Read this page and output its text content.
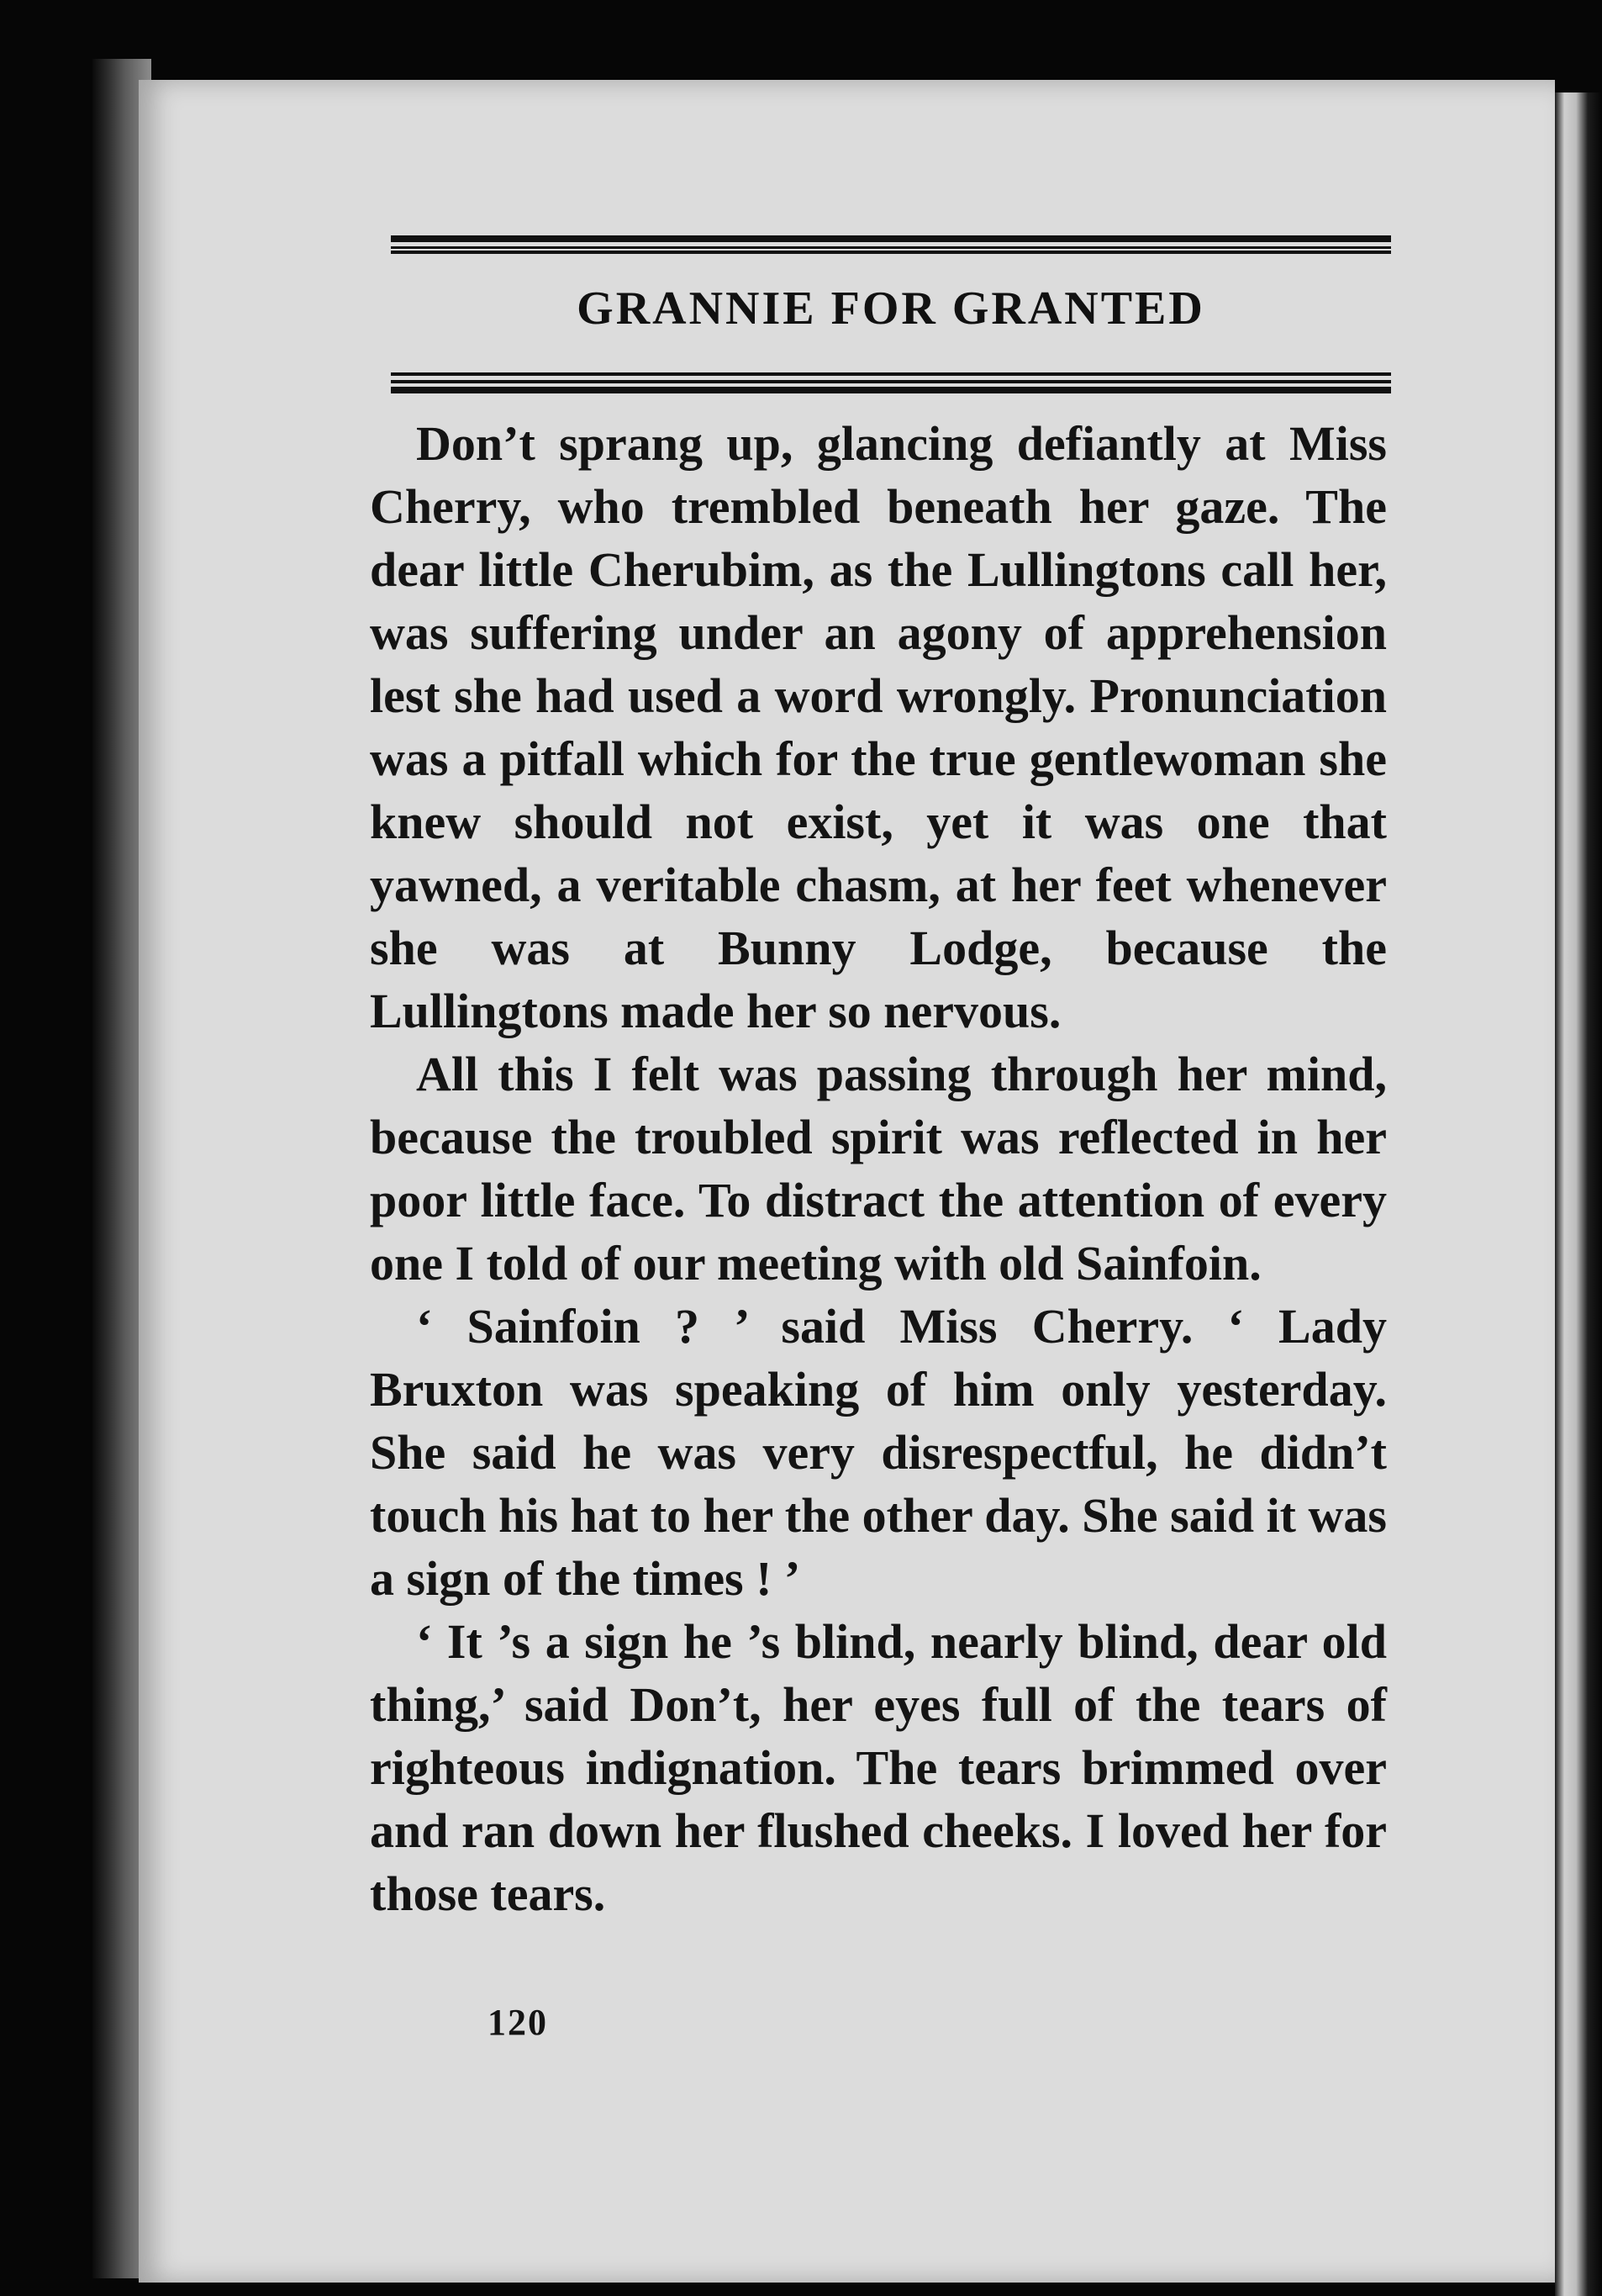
GRANNIE FOR GRANTED

Don’t sprang up, glancing defiantly at Miss Cherry, who trembled beneath her gaze. The dear little Cherubim, as the Lullingtons call her, was suffering under an agony of apprehension lest she had used a word wrongly. Pronunciation was a pitfall which for the true gentlewoman she knew should not exist, yet it was one that yawned, a veritable chasm, at her feet whenever she was at Bunny Lodge, because the Lullingtons made her so nervous.

All this I felt was passing through her mind, because the troubled spirit was reflected in her poor little face. To distract the attention of every one I told of our meeting with old Sainfoin.

‘ Sainfoin ? ’ said Miss Cherry. ‘ Lady Bruxton was speaking of him only yesterday. She said he was very disrespectful, he didn’t touch his hat to her the other day. She said it was a sign of the times ! ’

‘ It ’s a sign he ’s blind, nearly blind, dear old thing,’ said Don’t, her eyes full of the tears of righteous indignation. The tears brimmed over and ran down her flushed cheeks. I loved her for those tears.

120
